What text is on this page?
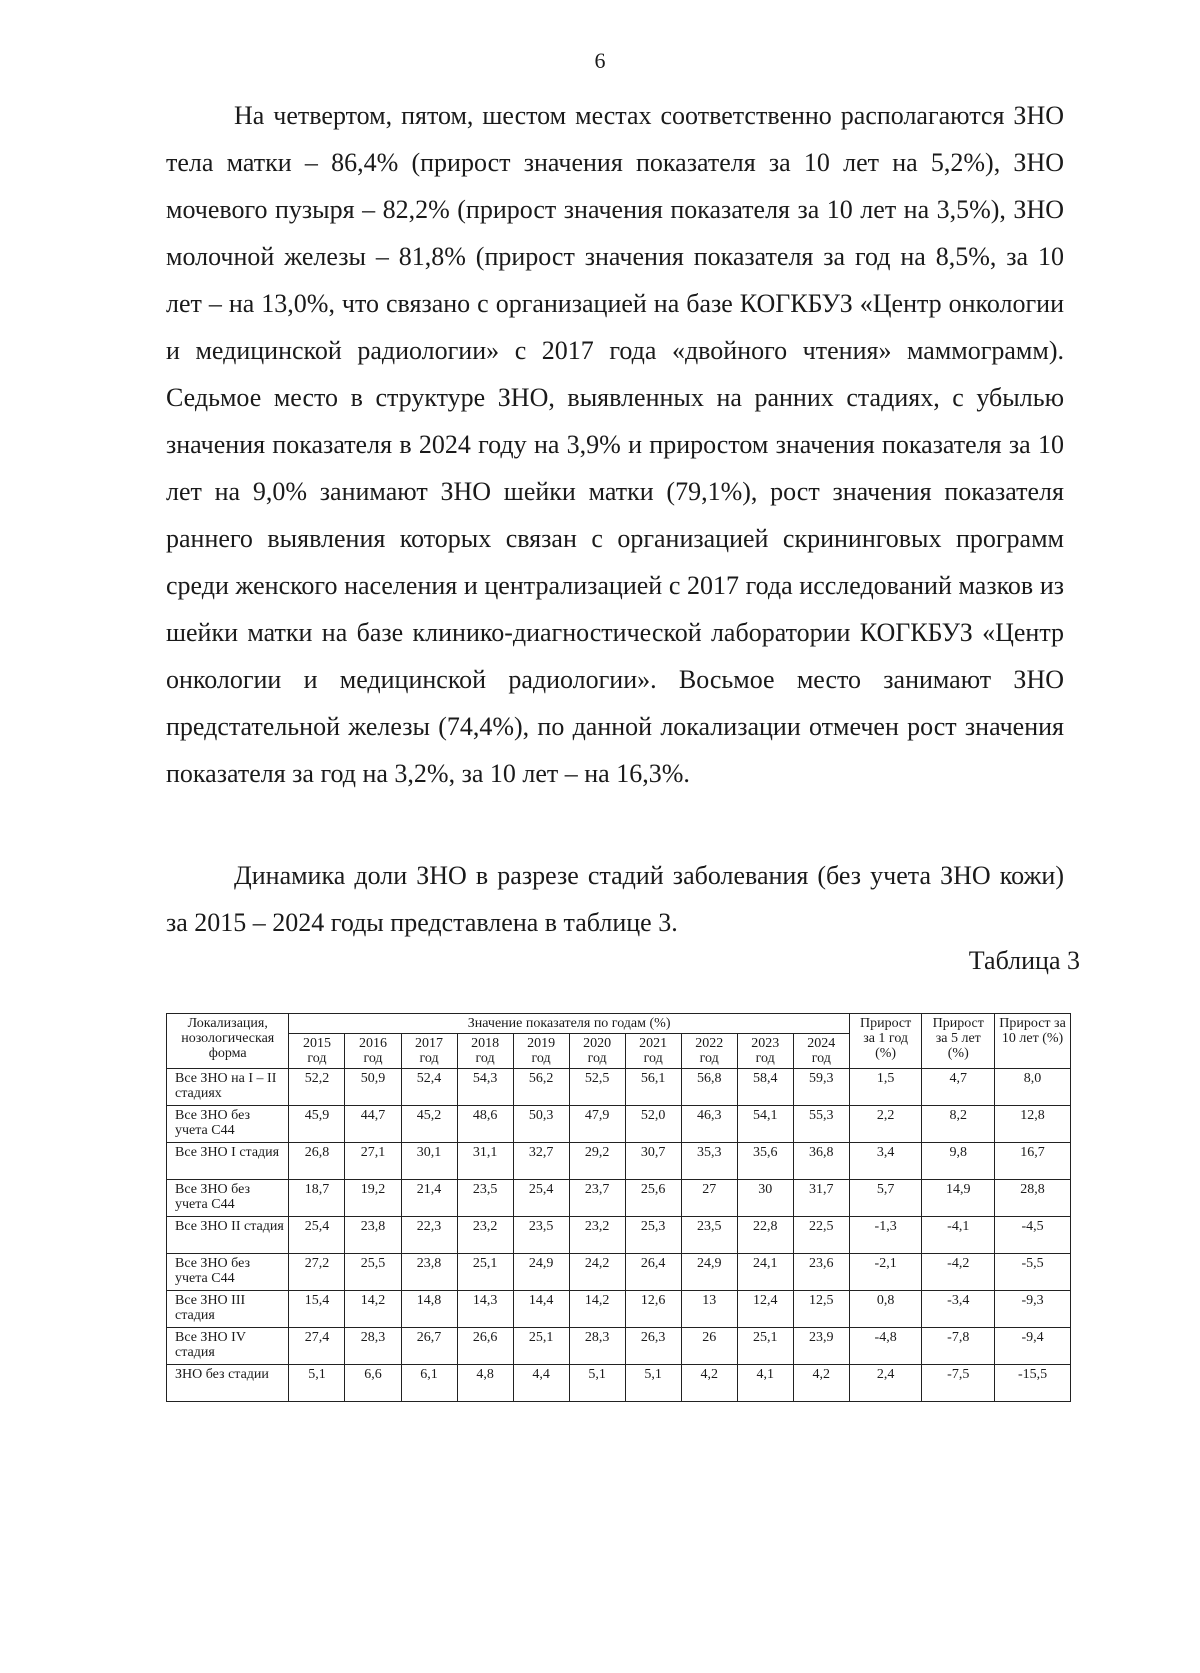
6

На четвертом, пятом, шестом местах соответственно располагаются ЗНО тела матки – 86,4% (прирост значения показателя за 10 лет на 5,2%), ЗНО мочевого пузыря – 82,2% (прирост значения показателя за 10 лет на 3,5%), ЗНО молочной железы – 81,8% (прирост значения показателя за год на 8,5%, за 10 лет – на 13,0%, что связано с организацией на базе КОГКБУЗ «Центр онкологии и медицинской радиологии» с 2017 года «двойного чтения» маммограмм). Седьмое место в структуре ЗНО, выявленных на ранних стадиях, с убылью значения показателя в 2024 году на 3,9% и приростом значения показателя за 10 лет на 9,0% занимают ЗНО шейки матки (79,1%), рост значения показателя раннего выявления которых связан с организацией скрининговых программ среди женского населения и централизацией с 2017 года исследований мазков из шейки матки на базе клинико-диагностической лаборатории КОГКБУЗ «Центр онкологии и медицинской радиологии». Восьмое место занимают ЗНО предстательной железы (74,4%), по данной локализации отмечен рост значения показателя за год на 3,2%, за 10 лет – на 16,3%.

Динамика доли ЗНО в разрезе стадий заболевания (без учета ЗНО кожи) за 2015 – 2024 годы представлена в таблице 3.

Таблица 3
Локализация, нозологическая форма	Значение показателя по годам (%)										Прирост за 1 год (%)	Прирост за 5 лет (%)	Прирост за 10 лет (%)
	2015 год	2016 год	2017 год	2018 год	2019 год	2020 год	2021 год	2022 год	2023 год	2024 год			
Все ЗНО на I – II стадиях	52,2	50,9	52,4	54,3	56,2	52,5	56,1	56,8	58,4	59,3	1,5	4,7	8,0
Все ЗНО без учета С44	45,9	44,7	45,2	48,6	50,3	47,9	52,0	46,3	54,1	55,3	2,2	8,2	12,8
Все ЗНО I стадия	26,8	27,1	30,1	31,1	32,7	29,2	30,7	35,3	35,6	36,8	3,4	9,8	16,7
Все ЗНО без учета С44	18,7	19,2	21,4	23,5	25,4	23,7	25,6	27	30	31,7	5,7	14,9	28,8
Все ЗНО II стадия	25,4	23,8	22,3	23,2	23,5	23,2	25,3	23,5	22,8	22,5	-1,3	-4,1	-4,5
Все ЗНО без учета С44	27,2	25,5	23,8	25,1	24,9	24,2	26,4	24,9	24,1	23,6	-2,1	-4,2	-5,5
Все ЗНО III стадия	15,4	14,2	14,8	14,3	14,4	14,2	12,6	13	12,4	12,5	0,8	-3,4	-9,3
Все ЗНО IV стадия	27,4	28,3	26,7	26,6	25,1	28,3	26,3	26	25,1	23,9	-4,8	-7,8	-9,4
ЗНО без стадии	5,1	6,6	6,1	4,8	4,4	5,1	5,1	4,2	4,1	4,2	2,4	-7,5	-15,5
